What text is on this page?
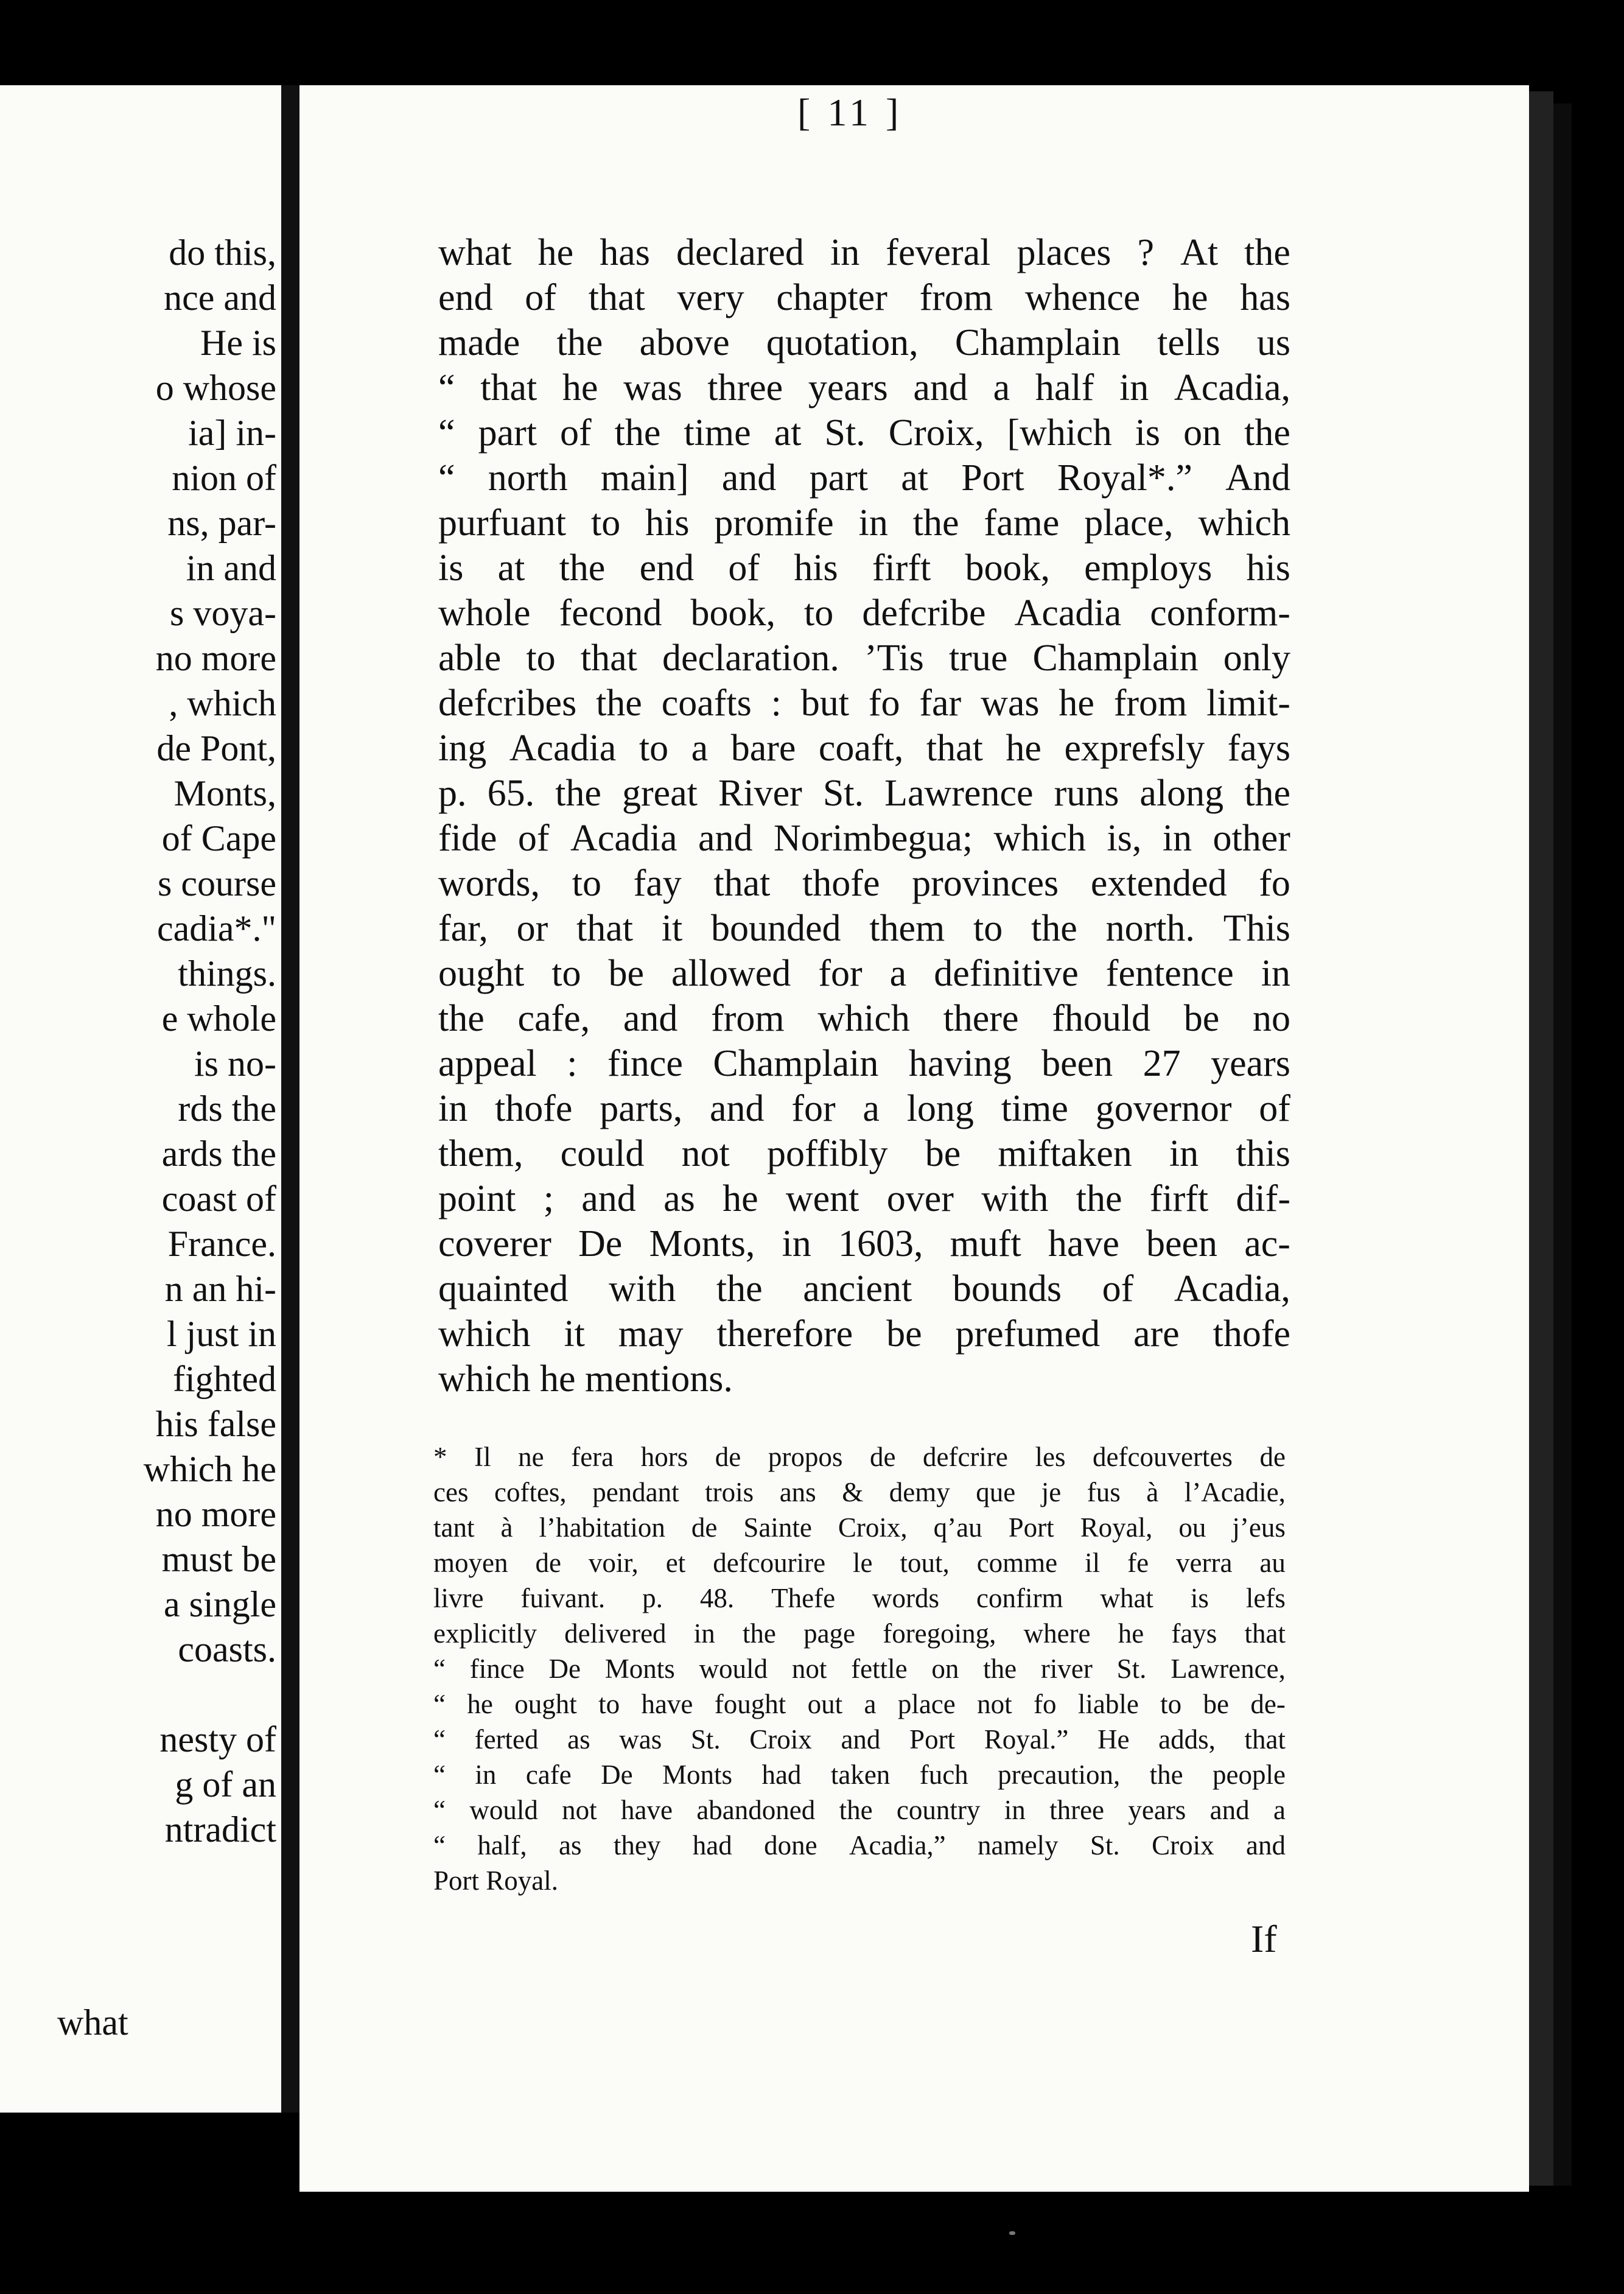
do this,
nce and
He is
o whose
ia] in-
nion of
ns, par-
in and
s voya-
no more
, which
de Pont,
Monts,
of Cape
s course
cadia*."
things.
e whole
is no-
rds the
ards the
coast of
France.
n an hi-
l just in
fighted
his false
which he
no more
must be
a single
coasts.
nesty of
g of an
ntradict
what
[ 11 ]
what he has declared in feveral places ? At the
end of that very chapter from whence he has
made the above quotation, Champlain tells us
“ that he was three years and a half in Acadia,
“ part of the time at St. Croix, [which is on the
“ north main] and part at Port Royal*.” And
purfuant to his promife in the fame place, which
is at the end of his firft book, employs his
whole fecond book, to defcribe Acadia conform-
able to that declaration. ’Tis true Champlain only
defcribes the coafts : but fo far was he from limit-
ing Acadia to a bare coaft, that he exprefsly fays
p. 65. the great River St. Lawrence runs along the
fide of Acadia and Norimbegua; which is, in other
words, to fay that thofe provinces extended fo
far, or that it bounded them to the north. This
ought to be allowed for a definitive fentence in
the cafe, and from which there fhould be no
appeal : fince Champlain having been 27 years
in thofe parts, and for a long time governor of
them, could not poffibly be miftaken in this
point ; and as he went over with the firft dif-
coverer De Monts, in 1603, muft have been ac-
quainted with the ancient bounds of Acadia,
which it may therefore be prefumed are thofe
which he mentions.
* Il ne fera hors de propos de defcrire les defcouvertes de
ces coftes, pendant trois ans & demy que je fus à l’Acadie,
tant à l’habitation de Sainte Croix, q’au Port Royal, ou j’eus
moyen de voir, et defcourire le tout, comme il fe verra au
livre fuivant. p. 48. Thefe words confirm what is lefs
explicitly delivered in the page foregoing, where he fays that
“ fince De Monts would not fettle on the river St. Lawrence,
“ he ought to have fought out a place not fo liable to be de-
“ ferted as was St. Croix and Port Royal.” He adds, that
“ in cafe De Monts had taken fuch precaution, the people
“ would not have abandoned the country in three years and a
“ half, as they had done Acadia,” namely St. Croix and
Port Royal.
If
